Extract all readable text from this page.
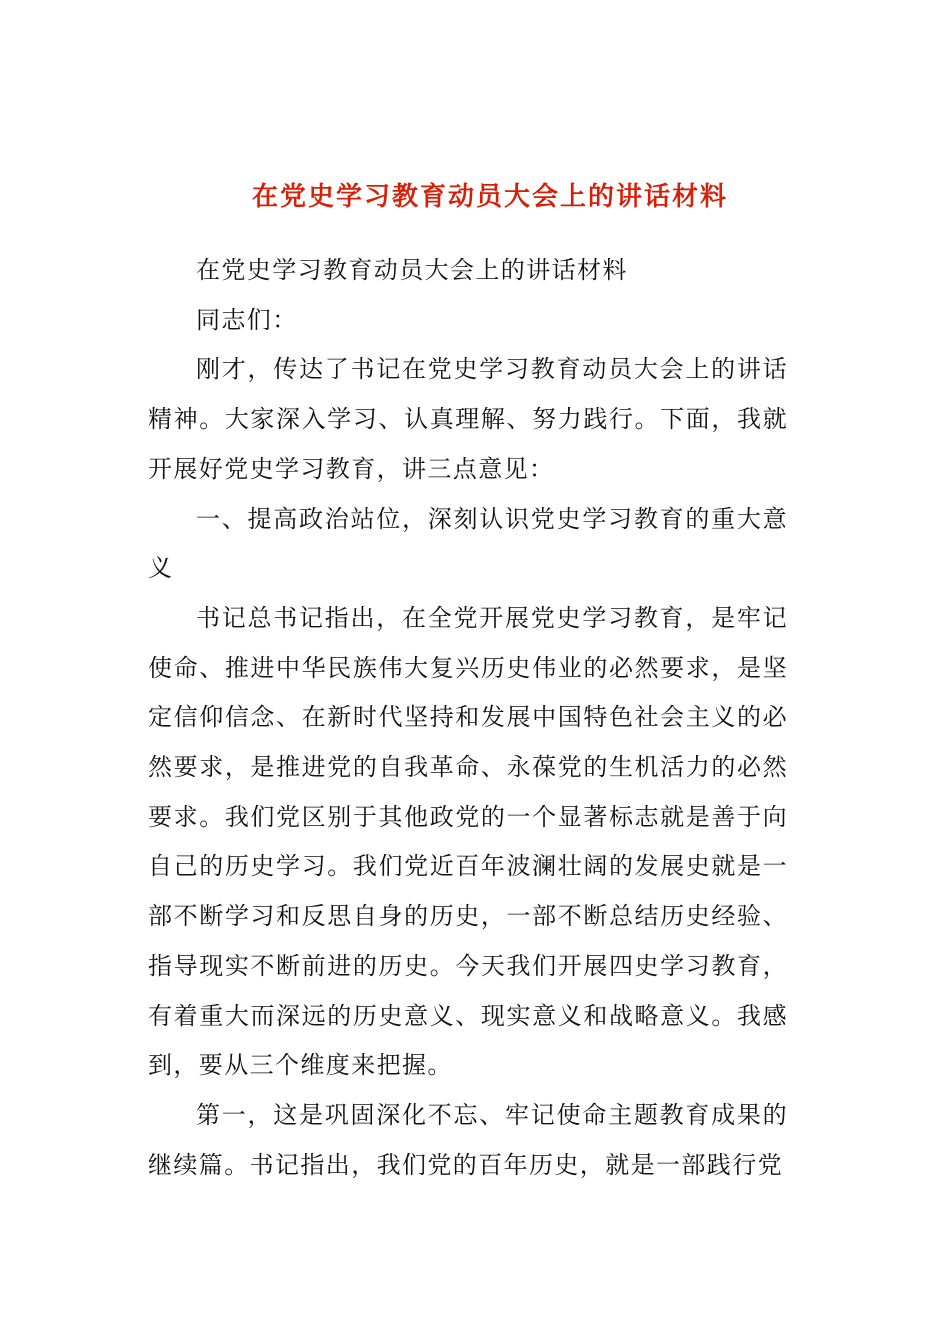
在党史学习教育动员大会上的讲话材料

在党史学习教育动员大会上的讲话材料

同志们：

刚才，传达了书记在党史学习教育动员大会上的讲话精神。大家深入学习、认真理解、努力践行。下面，我就开展好党史学习教育，讲三点意见：

一、提高政治站位，深刻认识党史学习教育的重大意义

书记总书记指出，在全党开展党史学习教育，是牢记使命、推进中华民族伟大复兴历史伟业的必然要求，是坚定信仰信念、在新时代坚持和发展中国特色社会主义的必然要求，是推进党的自我革命、永葆党的生机活力的必然要求。我们党区别于其他政党的一个显著标志就是善于向自己的历史学习。我们党近百年波澜壮阔的发展史就是一部不断学习和反思自身的历史，一部不断总结历史经验、指导现实不断前进的历史。今天我们开展四史学习教育，有着重大而深远的历史意义、现实意义和战略意义。我感到，要从三个维度来把握。

第一，这是巩固深化不忘、牢记使命主题教育成果的继续篇。书记指出，我们党的百年历史，就是一部践行党
